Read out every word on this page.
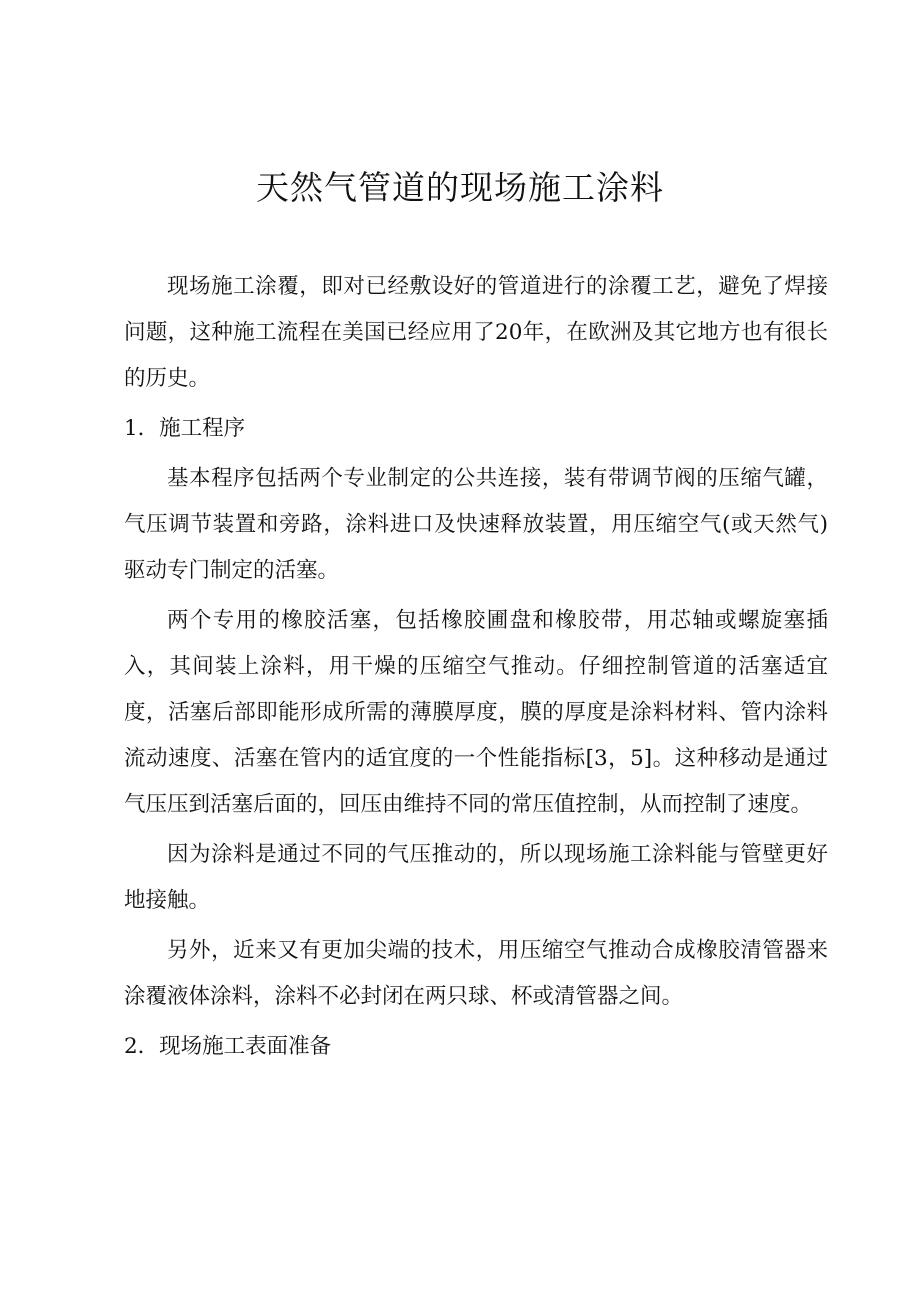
天然气管道的现场施工涂料

现场施工涂覆，即对已经敷设好的管道进行的涂覆工艺，避免了焊接问题，这种施工流程在美国已经应用了20年，在欧洲及其它地方也有很长的历史。

1．施工程序

基本程序包括两个专业制定的公共连接，装有带调节阀的压缩气罐，气压调节装置和旁路，涂料进口及快速释放装置，用压缩空气(或天然气)驱动专门制定的活塞。

两个专用的橡胶活塞，包括橡胶圃盘和橡胶带，用芯轴或螺旋塞插入，其间装上涂料，用干燥的压缩空气推动。仔细控制管道的活塞适宜度，活塞后部即能形成所需的薄膜厚度，膜的厚度是涂料材料、管内涂料流动速度、活塞在管内的适宜度的一个性能指标[3，5]。这种移动是通过气压压到活塞后面的，回压由维持不同的常压值控制，从而控制了速度。

因为涂料是通过不同的气压推动的，所以现场施工涂料能与管壁更好地接触。

另外，近来又有更加尖端的技术，用压缩空气推动合成橡胶清管器来涂覆液体涂料，涂料不必封闭在两只球、杯或清管器之间。

2．现场施工表面准备
